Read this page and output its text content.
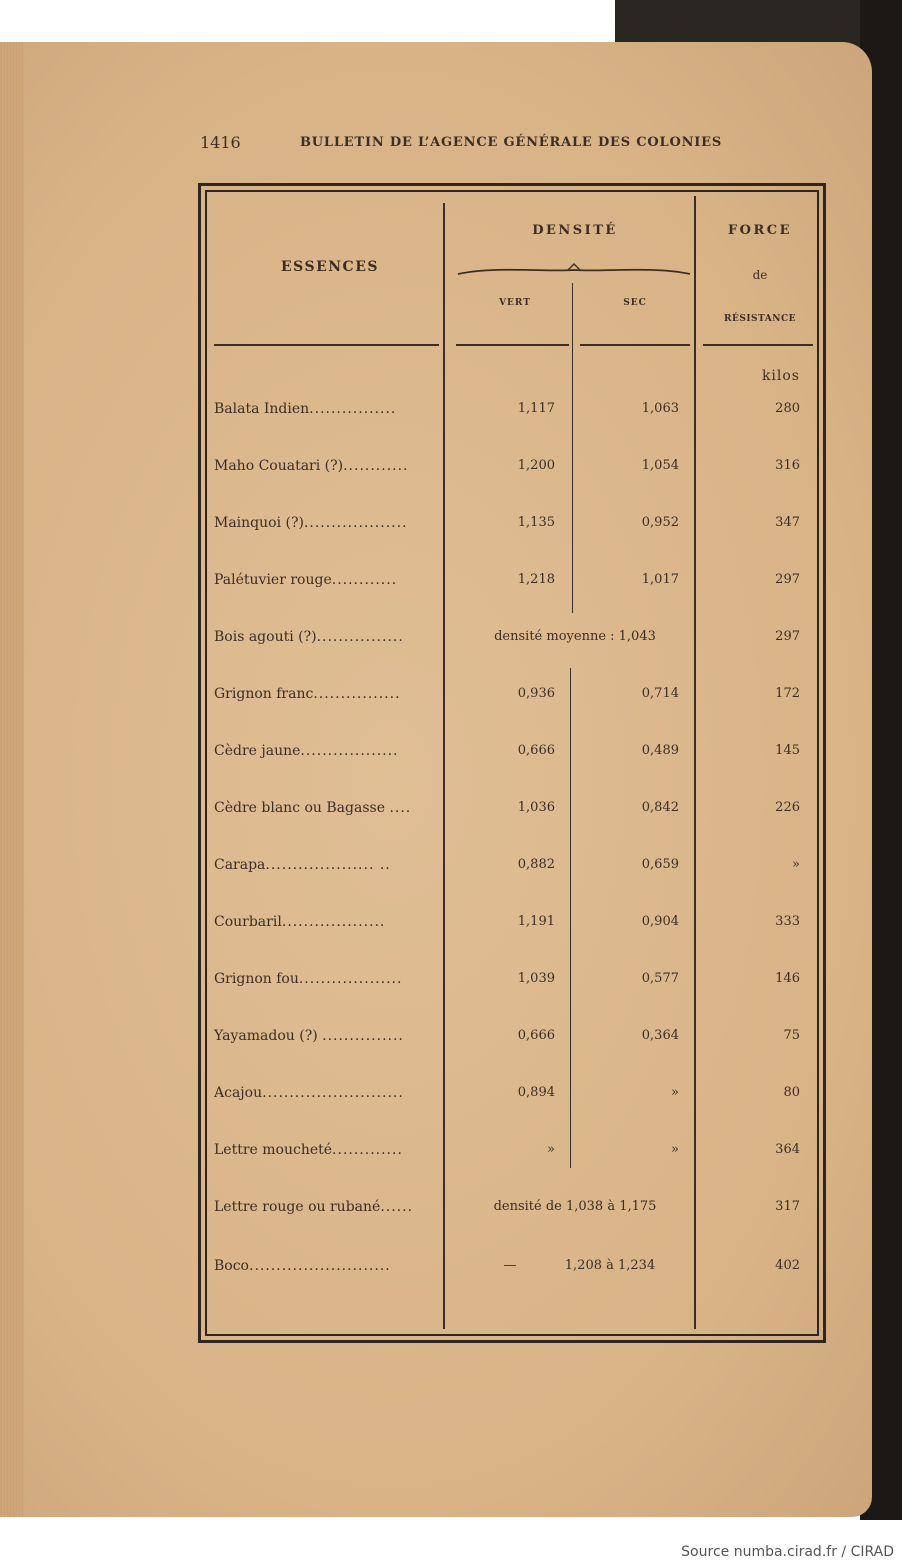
1416	BULLETIN DE L’AGENCE GÉNÉRALE DES COLONIES
ESSENCES
DENSITÉ
VERT	SEC
FORCE
de
RÉSISTANCE
kilos
Balata Indien................	1,117	1,063	280
Maho Couatari (?)............	1,200	1,054	316
Mainquoi (?)...................	1,135	0,952	347
Palétuvier rouge............	1,218	1,017	297
Bois agouti (?)................	densité moyenne : 1,043	297
Grignon franc................	0,936	0,714	172
Cèdre jaune..................	0,666	0,489	145
Cèdre blanc ou Bagasse ....	1,036	0,842	226
Carapa.................... ..	0,882	0,659	»
Courbaril...................	1,191	0,904	333
Grignon fou...................	1,039	0,577	146
Yayamadou (?) ...............	0,666	0,364	75
Acajou..........................	0,894	»	80
Lettre moucheté.............	»	»	364
Lettre rouge ou rubané......	densité de 1,038 à 1,175	317
Boco..........................	—	1,208 à 1,234	402
Source numba.cirad.fr / CIRAD
